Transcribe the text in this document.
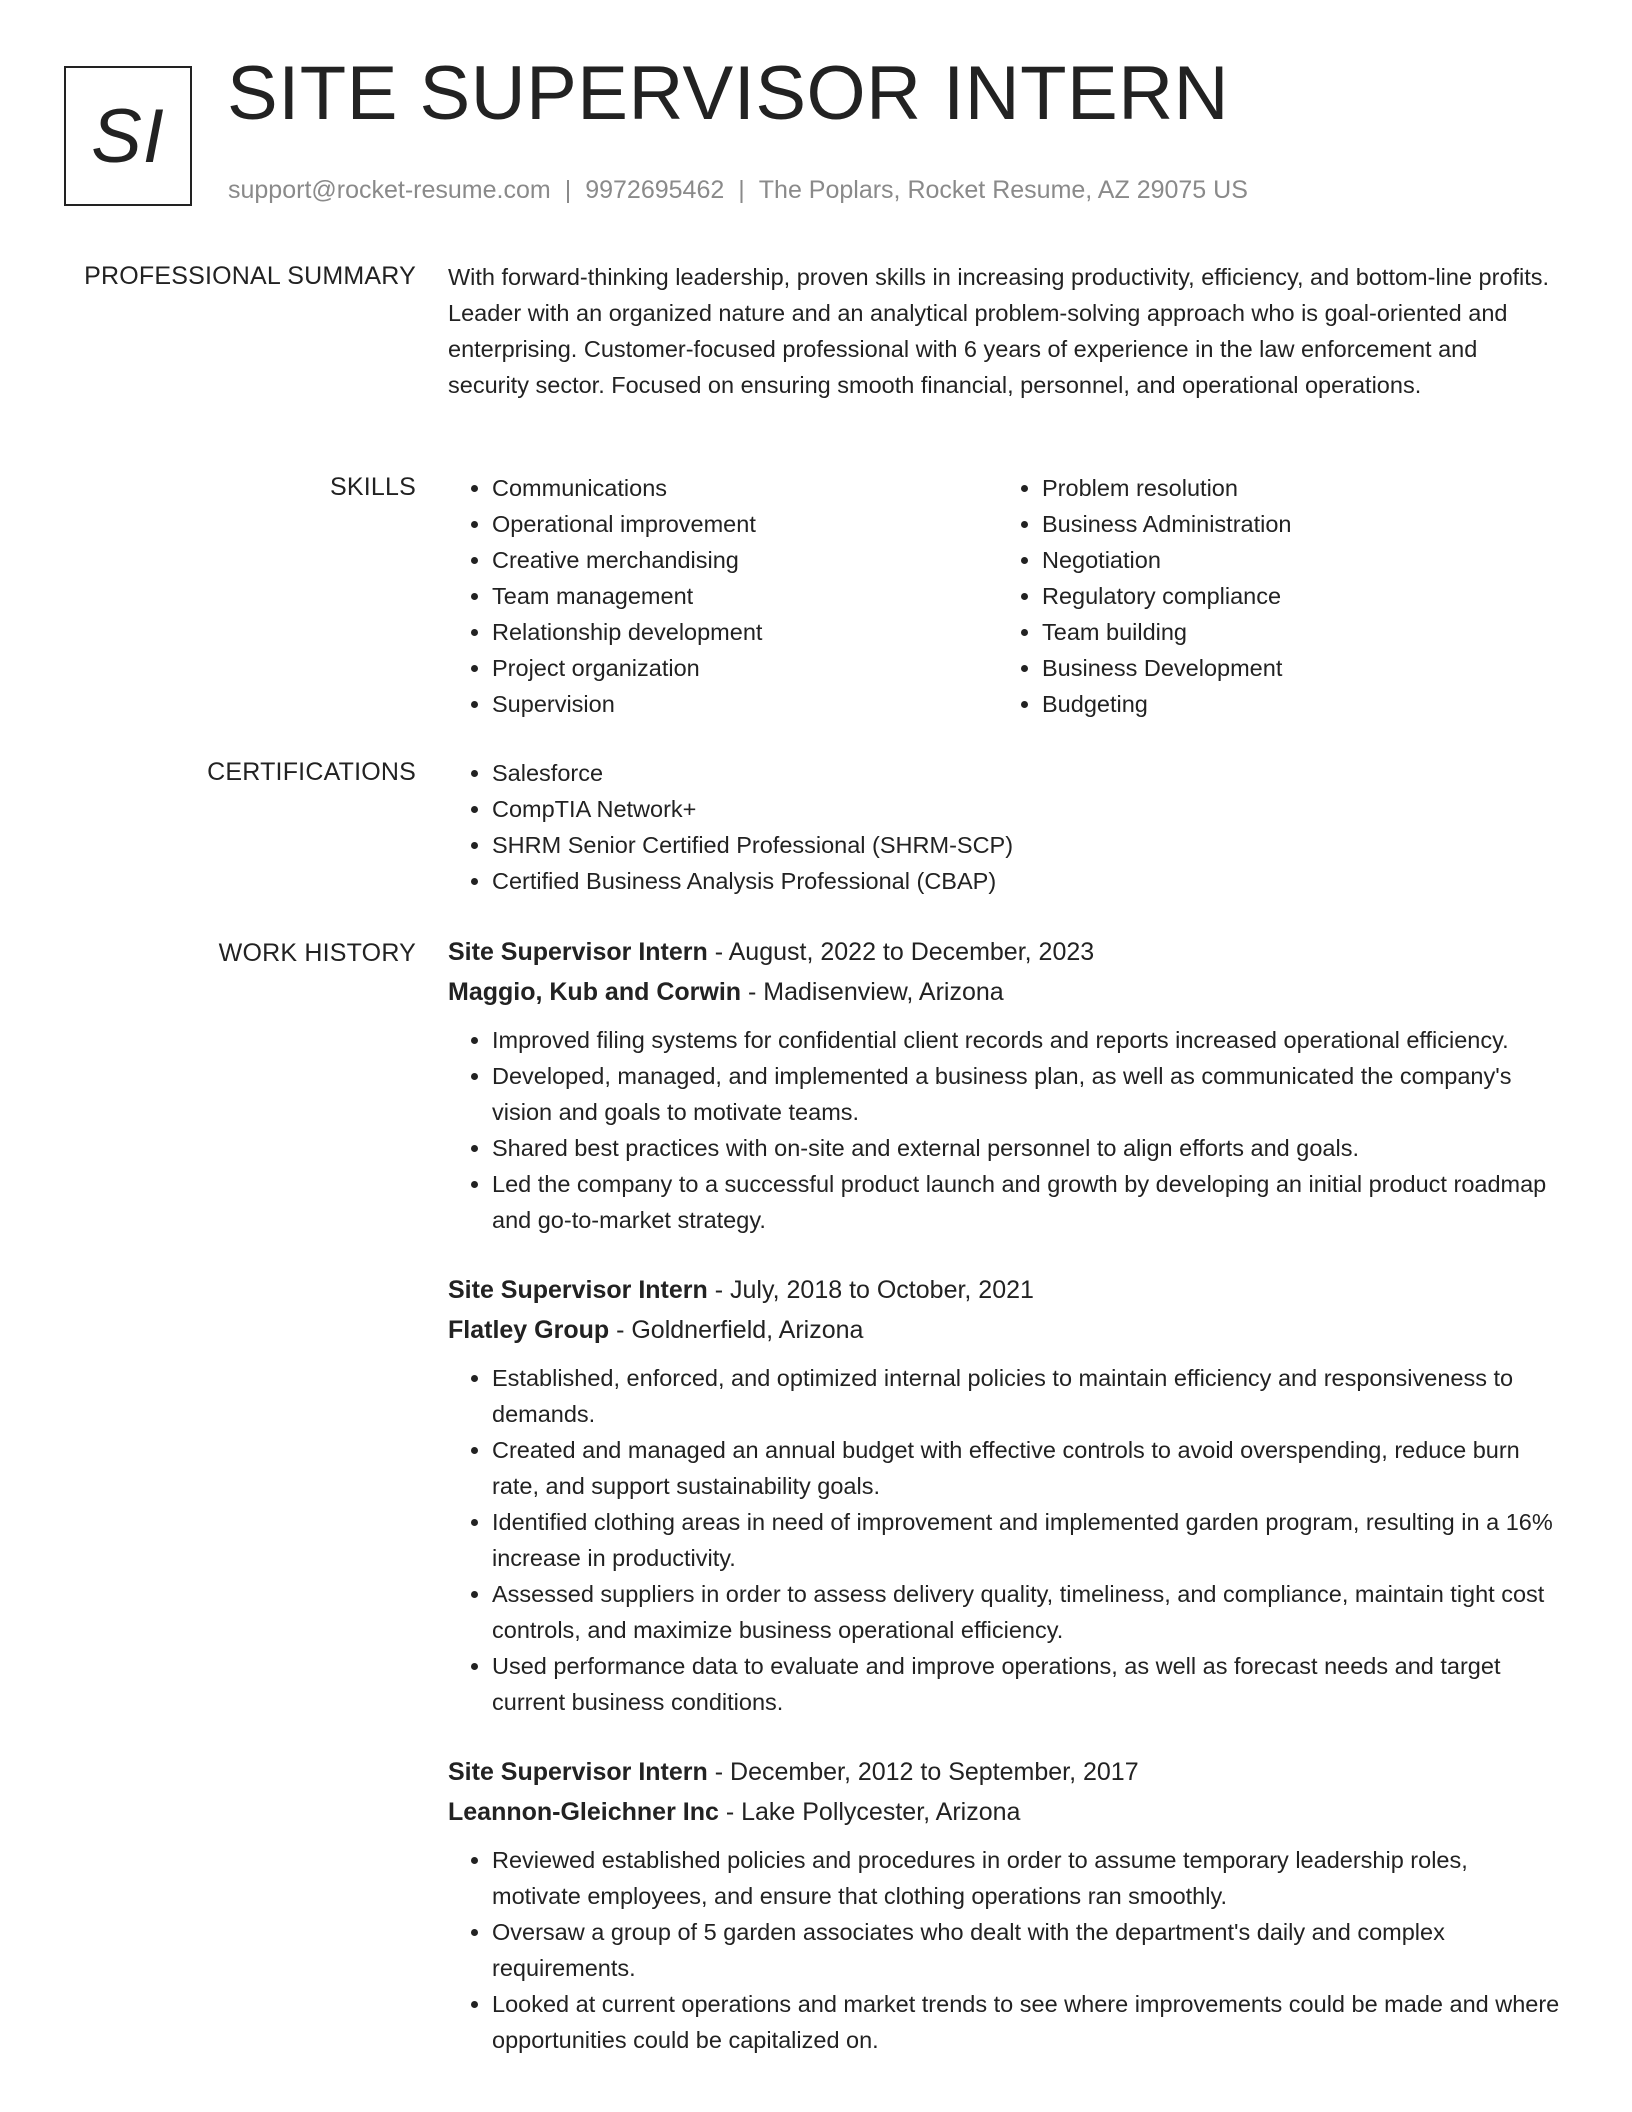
SI SITE SUPERVISOR INTERN
support@rocket-resume.com | 9972695462 | The Poplars, Rocket Resume, AZ 29075 US
PROFESSIONAL SUMMARY With forward-thinking leadership, proven skills in increasing productivity, efficiency, and bottom-line profits. Leader with an organized nature and an analytical problem-solving approach who is goal-oriented and enterprising. Customer-focused professional with 6 years of experience in the law enforcement and security sector. Focused on ensuring smooth financial, personnel, and operational operations.

SKILLS	• Communications
• Operational improvement
• Creative merchandising
• Team management
• Relationship development
• Project organization
• Supervision
• Problem resolution
• Business Administration
• Negotiation
• Regulatory compliance
• Team building
• Business Development
• Budgeting
CERTIFICATIONS	• Salesforce
• CompTIA Network+
• SHRM Senior Certified Professional (SHRM-SCP)
• Certified Business Analysis Professional (CBAP)
WORK HISTORY Site Supervisor Intern - August, 2022 to December, 2023
Maggio, Kub and Corwin - Madisenview, Arizona
• Improved filing systems for confidential client records and reports increased operational efficiency.
• Developed, managed, and implemented a business plan, as well as communicated the company's vision and goals to motivate teams.
• Shared best practices with on-site and external personnel to align efforts and goals.
• Led the company to a successful product launch and growth by developing an initial product roadmap and go-to-market strategy.
Site Supervisor Intern - July, 2018 to October, 2021
Flatley Group - Goldnerfield, Arizona
• Established, enforced, and optimized internal policies to maintain efficiency and responsiveness to demands.
• Created and managed an annual budget with effective controls to avoid overspending, reduce burn rate, and support sustainability goals.
• Identified clothing areas in need of improvement and implemented garden program, resulting in a 16% increase in productivity.
• Assessed suppliers in order to assess delivery quality, timeliness, and compliance, maintain tight cost controls, and maximize business operational efficiency.
• Used performance data to evaluate and improve operations, as well as forecast needs and target current business conditions.
Site Supervisor Intern - December, 2012 to September, 2017
Leannon-Gleichner Inc - Lake Pollycester, Arizona
• Reviewed established policies and procedures in order to assume temporary leadership roles, motivate employees, and ensure that clothing operations ran smoothly.
• Oversaw a group of 5 garden associates who dealt with the department's daily and complex requirements.
• Looked at current operations and market trends to see where improvements could be made and where opportunities could be capitalized on.
